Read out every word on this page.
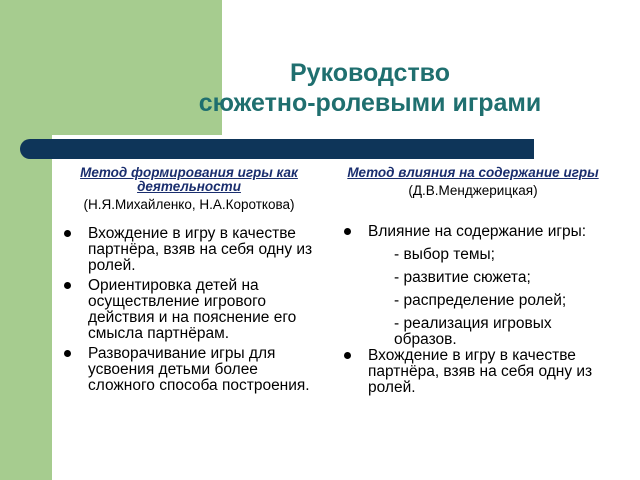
Руководство
сюжетно-ролевыми играми
Метод формирования игры как деятельности
(Н.Я.Михайленко, Н.А.Короткова)
Вхождение в игру в качестве партнёра, взяв на себя одну из ролей.
Ориентировка детей на осуществление игрового действия и на пояснение его смысла партнёрам.
Разворачивание игры для усвоения детьми более сложного способа построения.
Метод влияния на содержание игры
(Д.В.Менджерицкая)
Влияние на содержание игры:
- выбор темы;
- развитие сюжета;
- распределение ролей;
- реализация игровых образов.
Вхождение в игру в качестве партнёра, взяв на себя одну из ролей.
